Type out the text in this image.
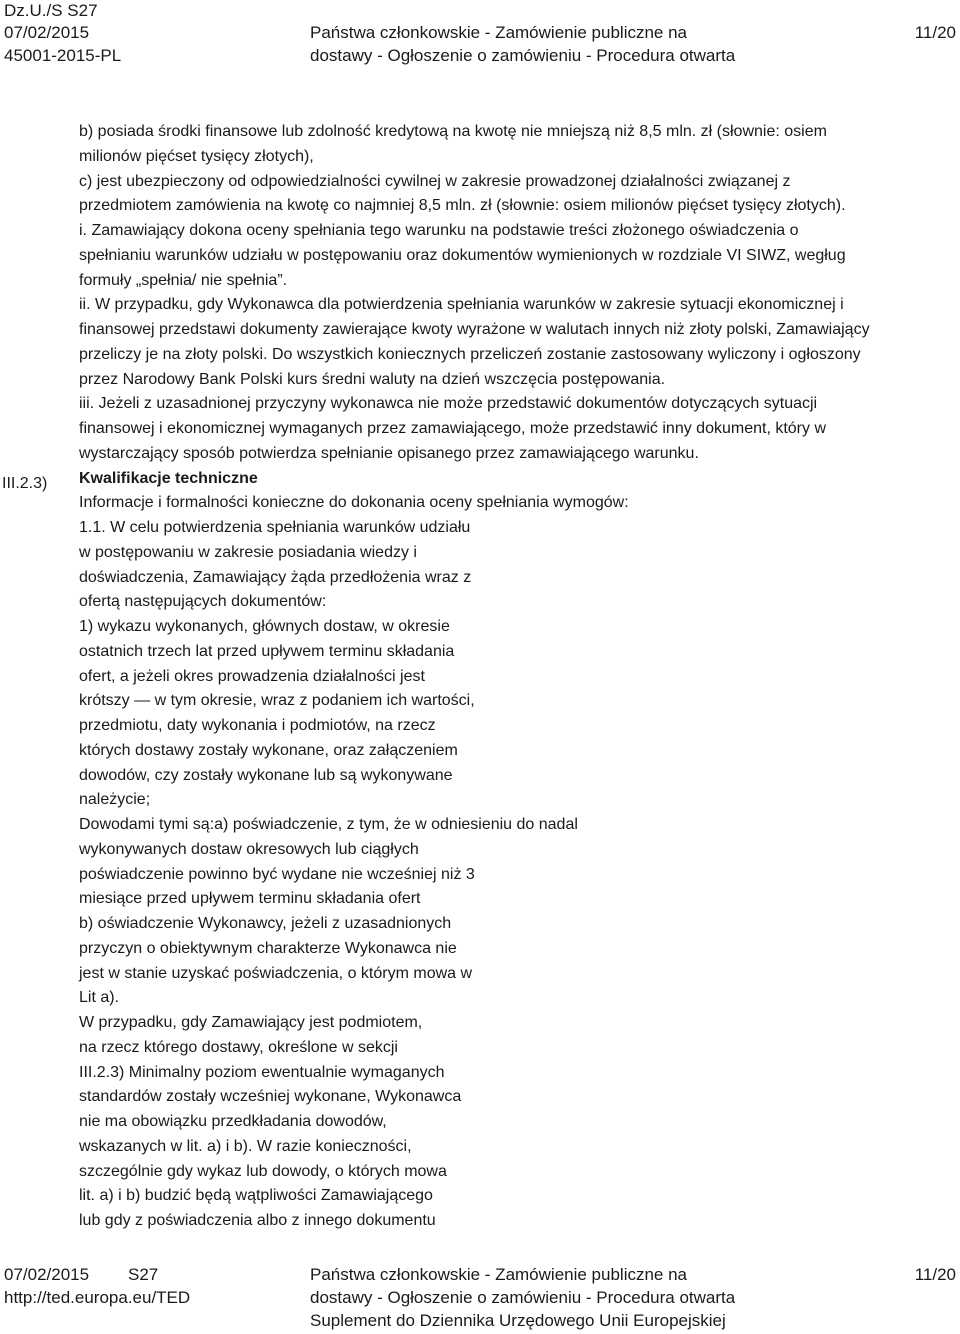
Dz.U./S S27
07/02/2015
45001-2015-PL
Państwa członkowskie - Zamówienie publiczne na
dostawy - Ogłoszenie o zamówieniu - Procedura otwarta
11/20
III.2.3)

b) posiada środki finansowe lub zdolność kredytową na kwotę nie mniejszą niż 8,5 mln. zł (słownie: osiem

milionów pięćset tysięcy złotych),

c) jest ubezpieczony od odpowiedzialności cywilnej w zakresie prowadzonej działalności związanej z

przedmiotem zamówienia na kwotę co najmniej 8,5 mln. zł (słownie: osiem milionów pięćset tysięcy złotych).

i. Zamawiający dokona oceny spełniania tego warunku na podstawie treści złożonego oświadczenia o

spełnianiu warunków udziału w postępowaniu oraz dokumentów wymienionych w rozdziale VI SIWZ, wegług

formuły „spełnia/ nie spełnia”.

ii. W przypadku, gdy Wykonawca dla potwierdzenia spełniania warunków w zakresie sytuacji ekonomicznej i

finansowej przedstawi dokumenty zawierające kwoty wyrażone w walutach innych niż złoty polski, Zamawiający

przeliczy je na złoty polski. Do wszystkich koniecznych przeliczeń zostanie zastosowany wyliczony i ogłoszony

przez Narodowy Bank Polski kurs średni waluty na dzień wszczęcia postępowania.

iii. Jeżeli z uzasadnionej przyczyny wykonawca nie może przedstawić dokumentów dotyczących sytuacji

finansowej i ekonomicznej wymaganych przez zamawiającego, może przedstawić inny dokument, który w

wystarczający sposób potwierdza spełnianie opisanego przez zamawiającego warunku.

Kwalifikacje techniczne

Informacje i formalności konieczne do dokonania oceny spełniania wymogów:

1.1. W celu potwierdzenia spełniania warunków udziału

w postępowaniu w zakresie posiadania wiedzy i

doświadczenia, Zamawiający żąda przedłożenia wraz z

ofertą następujących dokumentów:

1) wykazu wykonanych, głównych dostaw, w okresie

ostatnich trzech lat przed upływem terminu składania

ofert, a jeżeli okres prowadzenia działalności jest

krótszy — w tym okresie, wraz z podaniem ich wartości,

przedmiotu, daty wykonania i podmiotów, na rzecz

których dostawy zostały wykonane, oraz załączeniem

dowodów, czy zostały wykonane lub są wykonywane

należycie;

Dowodami tymi są:a) poświadczenie, z tym, że w odniesieniu do nadal

wykonywanych dostaw okresowych lub ciągłych

poświadczenie powinno być wydane nie wcześniej niż 3

miesiące przed upływem terminu składania ofert

b) oświadczenie Wykonawcy, jeżeli z uzasadnionych

przyczyn o obiektywnym charakterze Wykonawca nie

jest w stanie uzyskać poświadczenia, o którym mowa w

Lit a).

W przypadku, gdy Zamawiający jest podmiotem,

na rzecz którego dostawy, określone w sekcji

III.2.3) Minimalny poziom ewentualnie wymaganych

standardów zostały wcześniej wykonane, Wykonawca

nie ma obowiązku przedkładania dowodów,

wskazanych w lit. a) i b). W razie konieczności,

szczególnie gdy wykaz lub dowody, o których mowa

lit. a) i b) budzić będą wątpliwości Zamawiającego

lub gdy z poświadczenia albo z innego dokumentu

07/02/2015 S27
http://ted.europa.eu/TED
Państwa członkowskie - Zamówienie publiczne na
dostawy - Ogłoszenie o zamówieniu - Procedura otwarta
Suplement do Dziennika Urzędowego Unii Europejskiej
11/20
